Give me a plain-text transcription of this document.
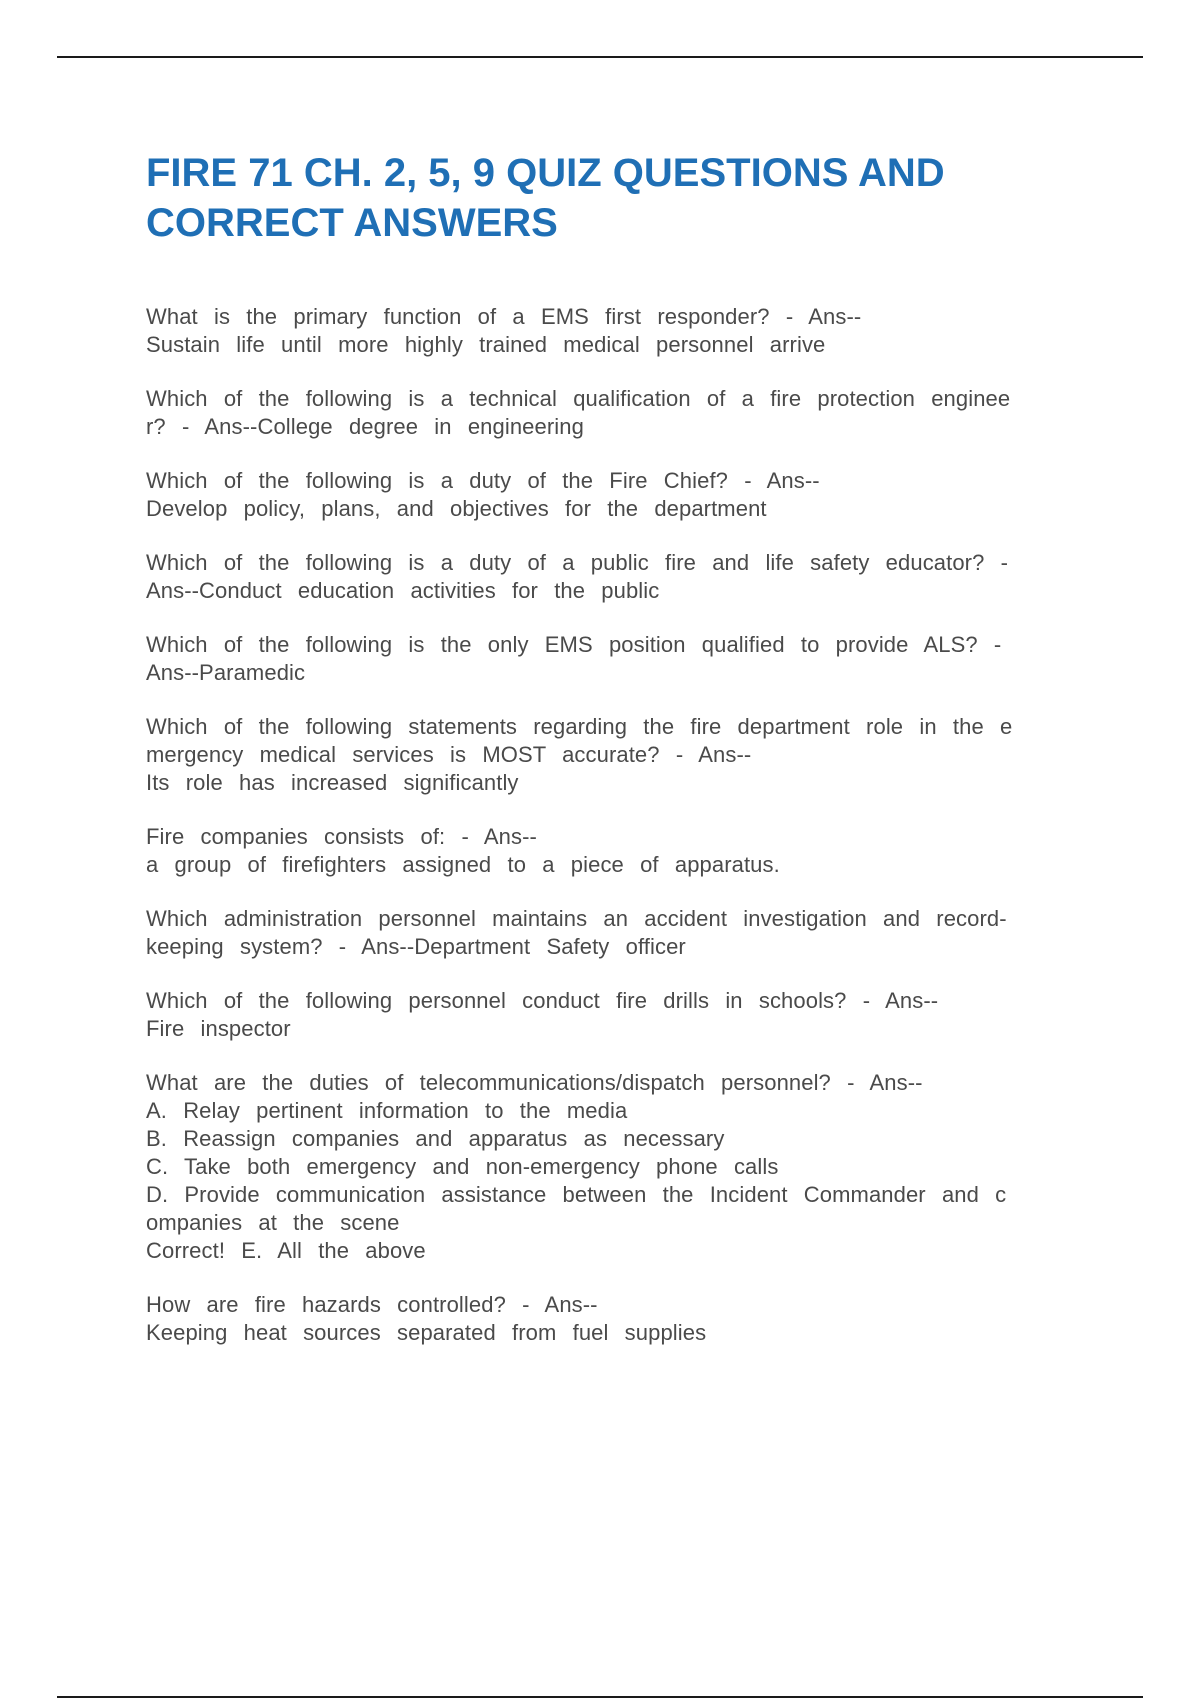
FIRE 71 CH. 2, 5, 9 QUIZ QUESTIONS AND
CORRECT ANSWERS

What is the primary function of a EMS first responder? - Ans--
Sustain life until more highly trained medical personnel arrive

Which of the following is a technical qualification of a fire protection enginee
r? - Ans--College degree in engineering

Which of the following is a duty of the Fire Chief? - Ans--
Develop policy, plans, and objectives for the department

Which of the following is a duty of a public fire and life safety educator? -
Ans--Conduct education activities for the public

Which of the following is the only EMS position qualified to provide ALS? -
Ans--Paramedic

Which of the following statements regarding the fire department role in the e
mergency medical services is MOST accurate? - Ans--
Its role has increased significantly

Fire companies consists of: - Ans--
a group of firefighters assigned to a piece of apparatus.

Which administration personnel maintains an accident investigation and record-
keeping system? - Ans--Department Safety officer

Which of the following personnel conduct fire drills in schools? - Ans--
Fire inspector

What are the duties of telecommunications/dispatch personnel? - Ans--
A. Relay pertinent information to the media
B. Reassign companies and apparatus as necessary
C. Take both emergency and non-emergency phone calls
D. Provide communication assistance between the Incident Commander and c
ompanies at the scene
Correct! E. All the above

How are fire hazards controlled? - Ans--
Keeping heat sources separated from fuel supplies
